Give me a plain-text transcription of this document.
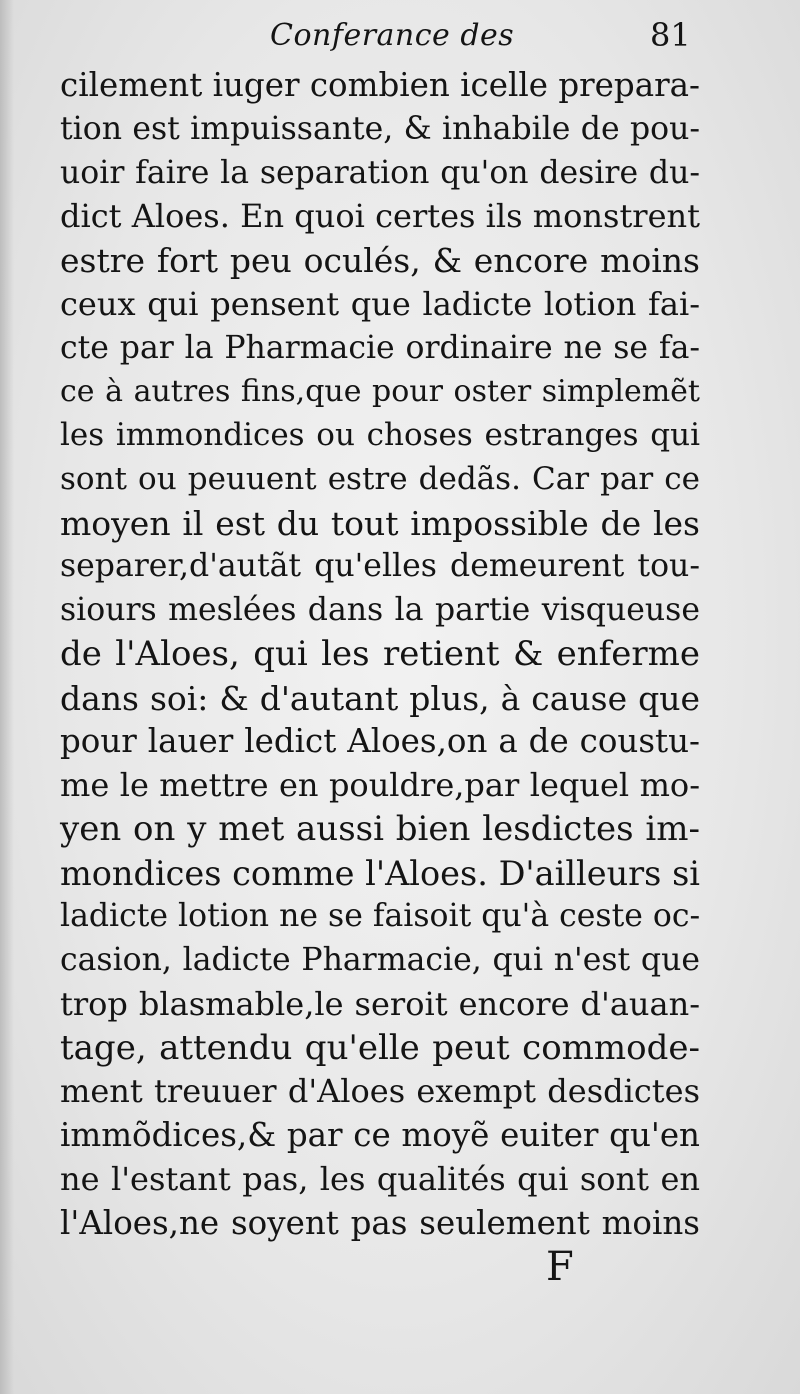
Conferance des	81
cilement iuger combien icelle prepara-
tion est impuissante, & inhabile de pou-
uoir faire la separation qu'on desire du-
dict Aloes. En quoi certes ils monstrent
estre fort peu oculés, & encore moins
ceux qui pensent que ladicte lotion fai-
cte par la Pharmacie ordinaire ne se fa-
ce à autres fins,que pour oster simplemẽt
les immondices ou choses estranges qui
sont ou peuuent estre dedãs. Car par ce
moyen il est du tout impossible de les
separer,d'autãt qu'elles demeurent tou-
siours meslées dans la partie visqueuse
de l'Aloes, qui les retient & enferme
dans soi: & d'autant plus, à cause que
pour lauer ledict Aloes,on a de coustu-
me le mettre en pouldre,par lequel mo-
yen on y met aussi bien lesdictes im-
mondices comme l'Aloes. D'ailleurs si
ladicte lotion ne se faisoit qu'à ceste oc-
casion, ladicte Pharmacie, qui n'est que
trop blasmable,le seroit encore d'auan-
tage, attendu qu'elle peut commode-
ment treuuer d'Aloes exempt desdictes
immõdices,& par ce moyẽ euiter qu'en
ne l'estant pas, les qualités qui sont en
l'Aloes,ne soyent pas seulement moins
F
